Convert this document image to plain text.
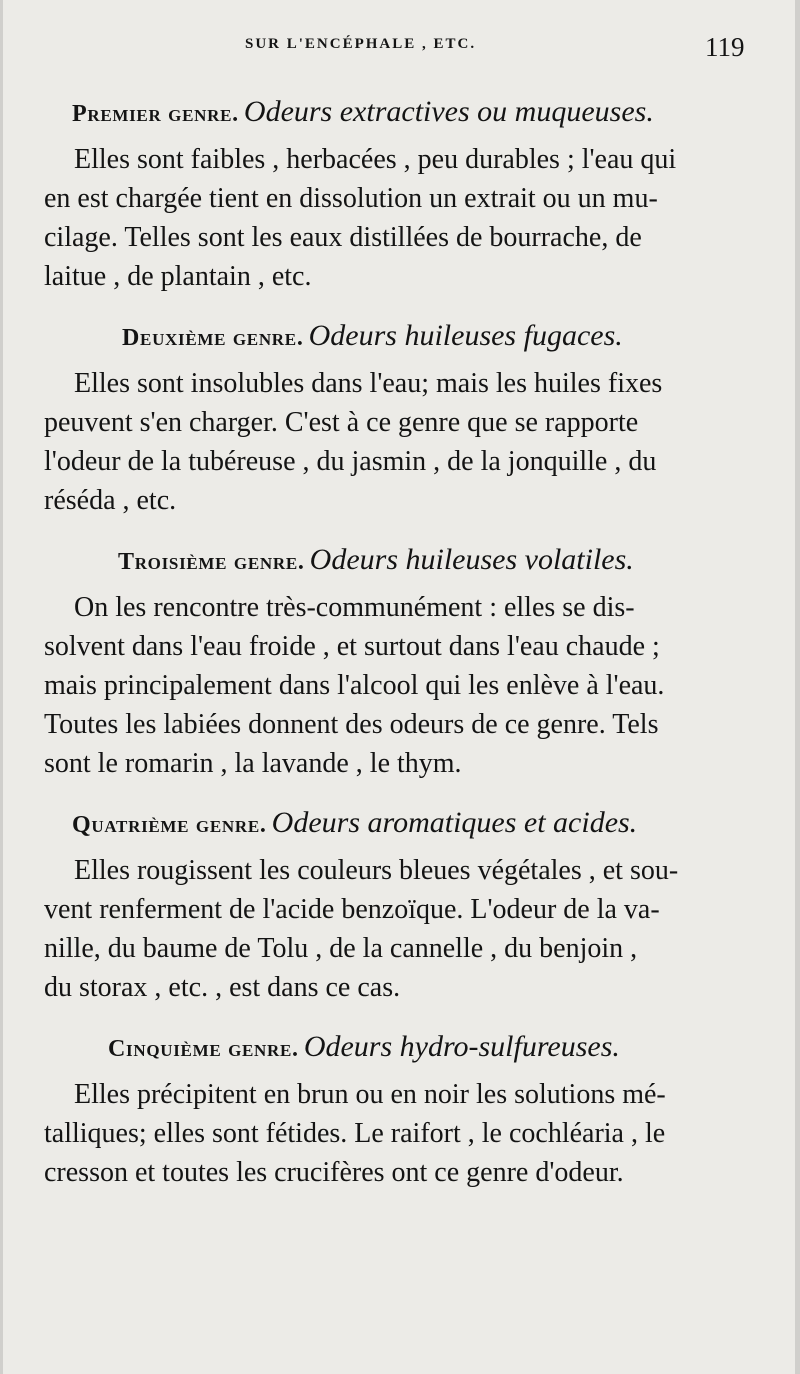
SUR L'ENCÉPHALE , ETC.	119
Premier genre. Odeurs extractives ou muqueuses.

Elles sont faibles , herbacées , peu durables ; l'eau qui
en est chargée tient en dissolution un extrait ou un mu-
cilage. Telles sont les eaux distillées de bourrache, de
laitue , de plantain , etc.

Deuxième genre. Odeurs huileuses fugaces.

Elles sont insolubles dans l'eau; mais les huiles fixes
peuvent s'en charger. C'est à ce genre que se rapporte
l'odeur de la tubéreuse , du jasmin , de la jonquille , du
réséda , etc.

Troisième genre. Odeurs huileuses volatiles.

On les rencontre très-communément : elles se dis-
solvent dans l'eau froide , et surtout dans l'eau chaude ;
mais principalement dans l'alcool qui les enlève à l'eau.
Toutes les labiées donnent des odeurs de ce genre. Tels
sont le romarin , la lavande , le thym.

Quatrième genre. Odeurs aromatiques et acides.

Elles rougissent les couleurs bleues végétales , et sou-
vent renferment de l'acide benzoïque. L'odeur de la va-
nille, du baume de Tolu , de la cannelle , du benjoin ,
du storax , etc. , est dans ce cas.

Cinquième genre. Odeurs hydro-sulfureuses.

Elles précipitent en brun ou en noir les solutions mé-
talliques; elles sont fétides. Le raifort , le cochléaria , le
cresson et toutes les crucifères ont ce genre d'odeur.
